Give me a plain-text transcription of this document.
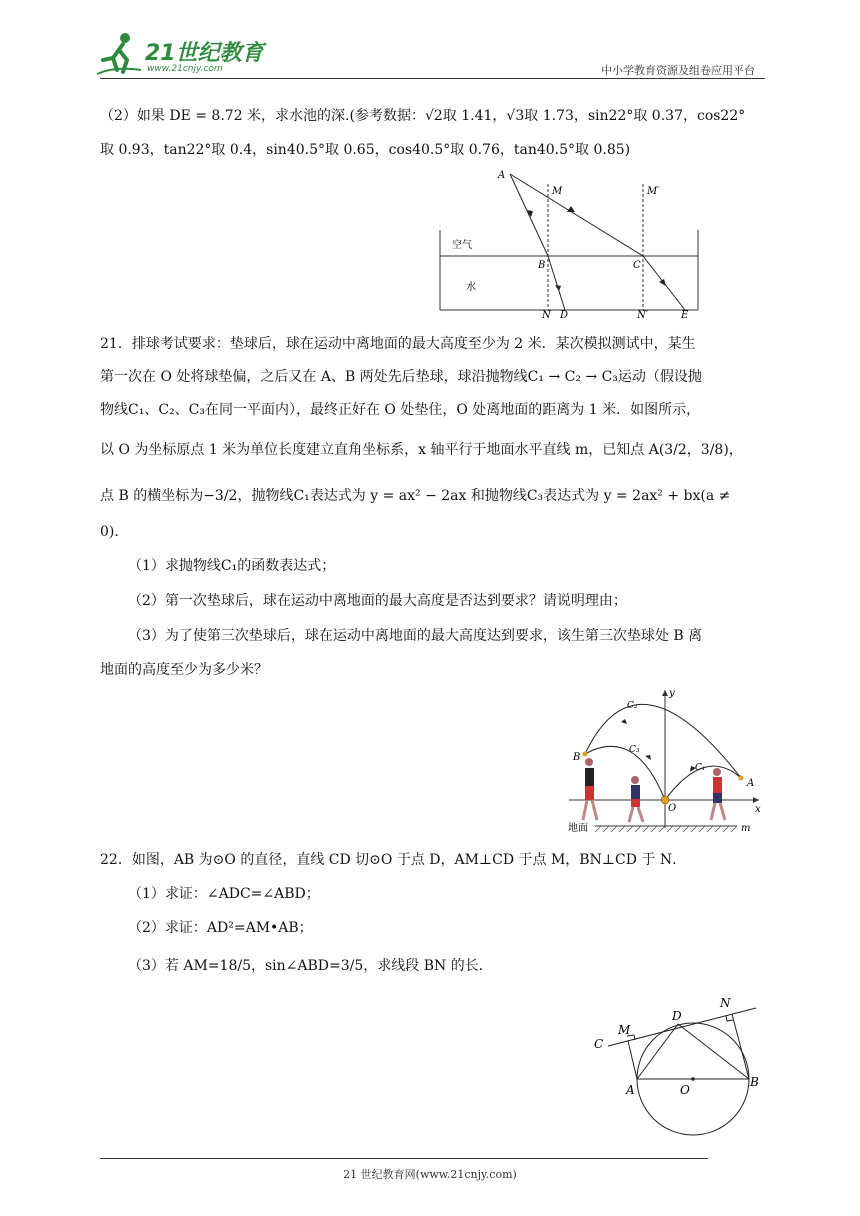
21世纪教育
www.21cnjy.com	中小学教育资源及组卷应用平台
（2）如果 DE = 8.72 米，求水池的深.(参考数据：√2取 1.41，√3取 1.73，sin22°取 0.37，cos22°
取 0.93，tan22°取 0.4，sin40.5°取 0.65，cos40.5°取 0.76，tan40.5°取 0.85)
A
M	M′
空气
水
B	C
N D	N′	E
21．排球考试要求：垫球后，球在运动中离地面的最大高度至少为 2 米．某次模拟测试中，某生
第一次在 O 处将球垫偏，之后又在 A、B 两处先后垫球，球沿抛物线C₁ → C₂ → C₃运动（假设抛
物线C₁、C₂、C₃在同一平面内），最终正好在 O 处垫住，O 处离地面的距离为 1 米．如图所示，
以 O 为坐标原点 1 米为单位长度建立直角坐标系，x 轴平行于地面水平直线 m，已知点 A(3/2，3/8)，
点 B 的横坐标为−3/2，抛物线C₁表达式为 y = ax² − 2ax 和抛物线C₃表达式为 y = 2ax² + bx(a ≠
0)．
（1）求抛物线C₁的函数表达式；
（2）第一次垫球后，球在运动中离地面的最大高度是否达到要求？请说明理由；
（3）为了使第三次垫球后，球在运动中离地面的最大高度达到要求，该生第三次垫球处 B 离
地面的高度至少为多少米？
y
x
C₂
C₃
C₁
B
A
O
地面	m
22．如图，AB 为⊙O 的直径，直线 CD 切⊙O 于点 D，AM⊥CD 于点 M，BN⊥CD 于 N．
（1）求证：∠ADC=∠ABD；
（2）求证：AD²=AM•AB；
（3）若 AM=18/5，sin∠ABD=3/5，求线段 BN 的长．
C
M
D
N
A	O
B
21 世纪教育网(www.21cnjy.com)
